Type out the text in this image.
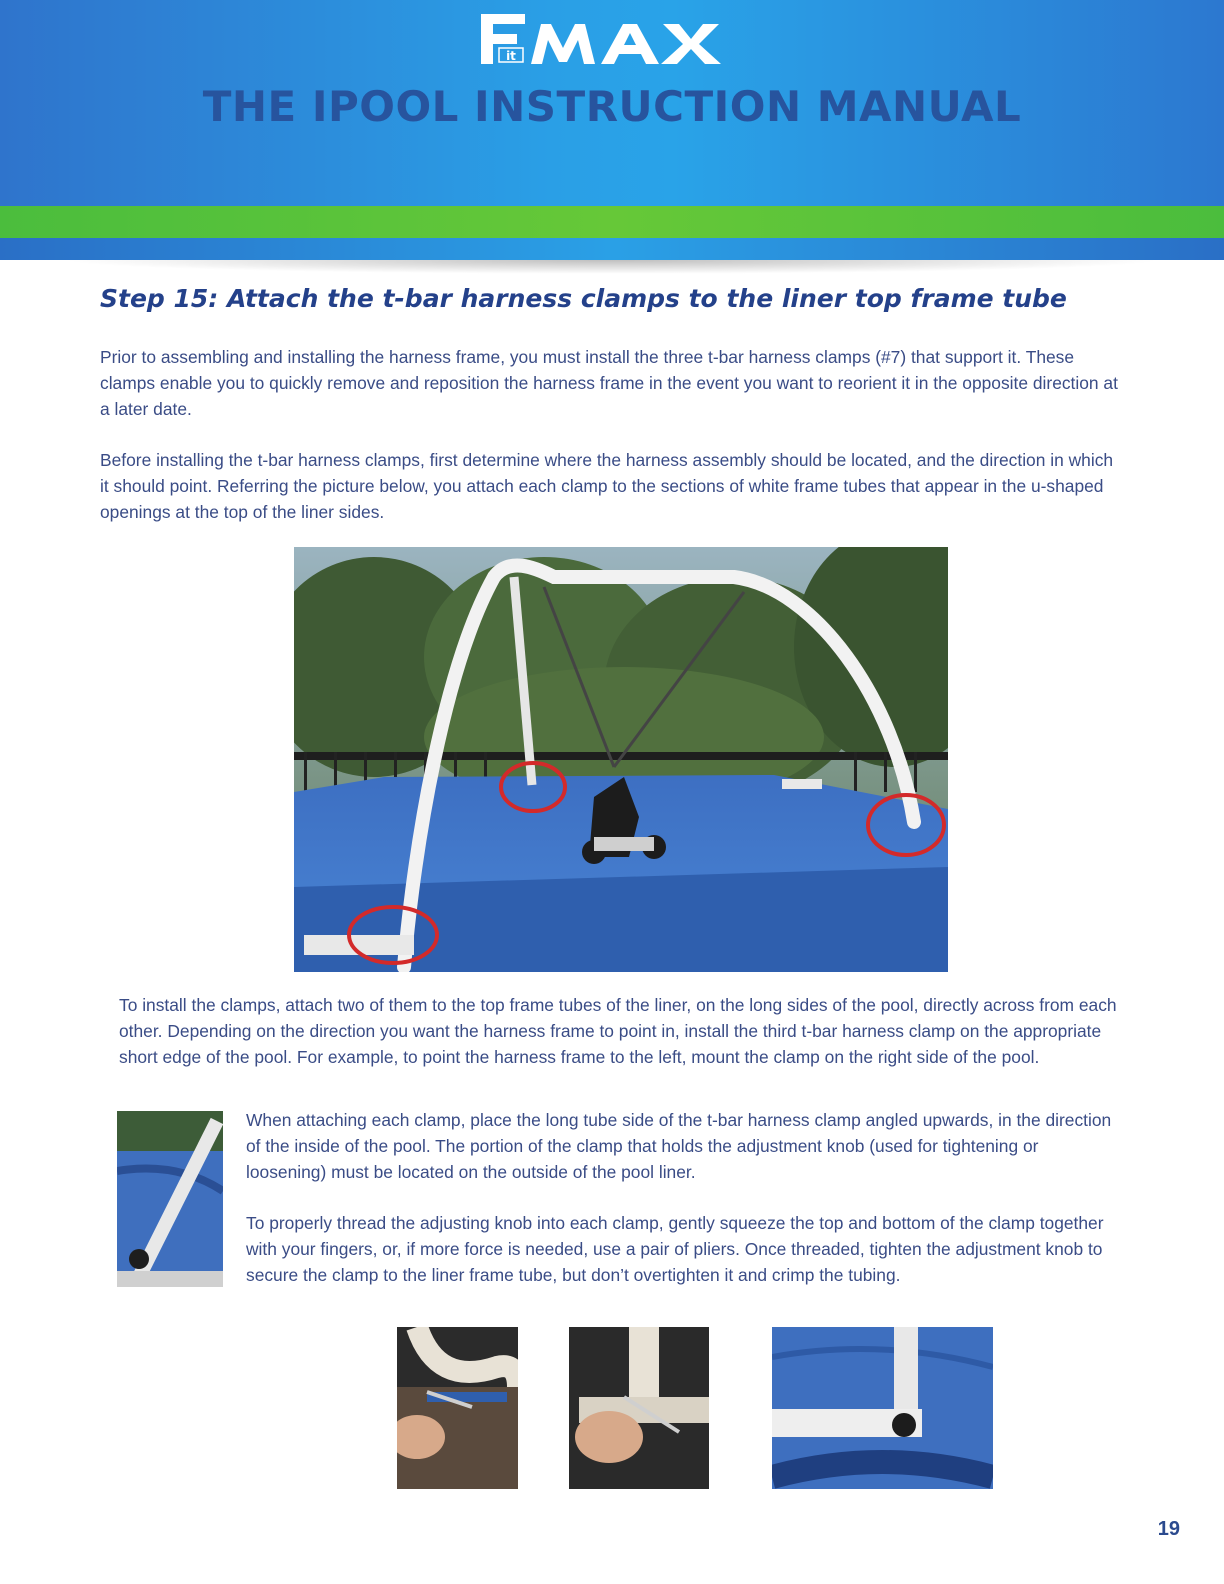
it
THE IPOOL INSTRUCTION MANUAL
Step 15: Attach the t-bar harness clamps to the liner top frame tube

Prior to assembling and installing the harness frame, you must install the three t-bar harness clamps (#7) that support it. These clamps enable you to quickly remove and reposition the harness frame in the event you want to reorient it in the opposite direction at a later date.

Before installing the t-bar harness clamps, first determine where the harness assembly should be located, and the direction in which it should point. Referring the picture below, you attach each clamp to the sections of white frame tubes that appear in the u-shaped openings at the top of the liner sides.

To install the clamps, attach two of them to the top frame tubes of the liner, on the long sides of the pool, directly across from each other. Depending on the direction you want the harness frame to point in, install the third t-bar harness clamp on the appropriate short edge of the pool. For example, to point the harness frame to the left, mount the clamp on the right side of the pool.

When attaching each clamp, place the long tube side of the t-bar harness clamp angled upwards, in the direction of the inside of the pool. The portion of the clamp that holds the adjustment knob (used for tightening or loosening) must be located on the outside of the pool liner.

To properly thread the adjusting knob into each clamp, gently squeeze the top and bottom of the clamp together with your fingers, or, if more force is needed, use a pair of pliers. Once threaded, tighten the adjustment knob to secure the clamp to the liner frame tube, but don’t overtighten it and crimp the tubing.

19
